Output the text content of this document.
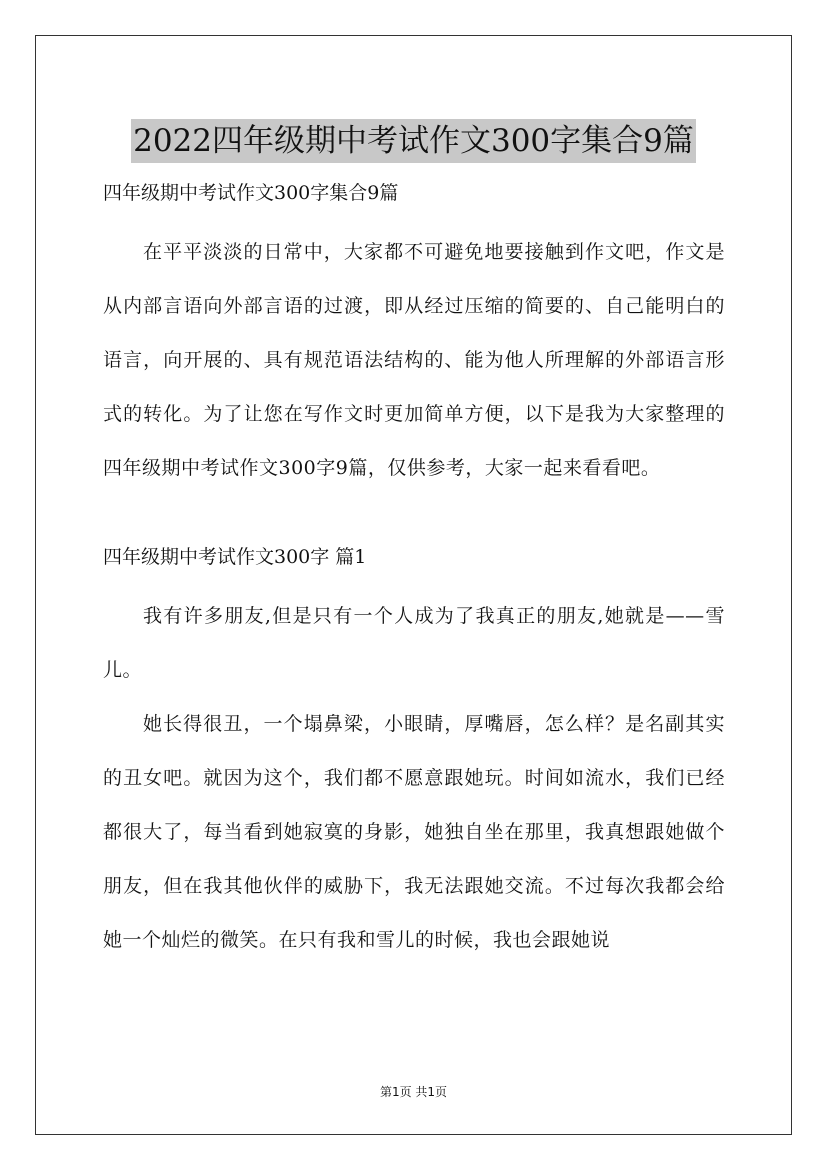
2022四年级期中考试作文300字集合9篇
四年级期中考试作文300字集合9篇

在平平淡淡的日常中，大家都不可避免地要接触到作文吧，作文是从内部言语向外部言语的过渡，即从经过压缩的简要的、自己能明白的语言，向开展的、具有规范语法结构的、能为他人所理解的外部语言形式的转化。为了让您在写作文时更加简单方便，以下是我为大家整理的四年级期中考试作文300字9篇，仅供参考，大家一起来看看吧。

四年级期中考试作文300字 篇1

我有许多朋友,但是只有一个人成为了我真正的朋友,她就是——雪儿。

她长得很丑，一个塌鼻梁，小眼睛，厚嘴唇，怎么样？是名副其实的丑女吧。就因为这个，我们都不愿意跟她玩。时间如流水，我们已经都很大了，每当看到她寂寞的身影，她独自坐在那里，我真想跟她做个朋友，但在我其他伙伴的威胁下，我无法跟她交流。不过每次我都会给她一个灿烂的微笑。在只有我和雪儿的时候，我也会跟她说

第1页 共1页
